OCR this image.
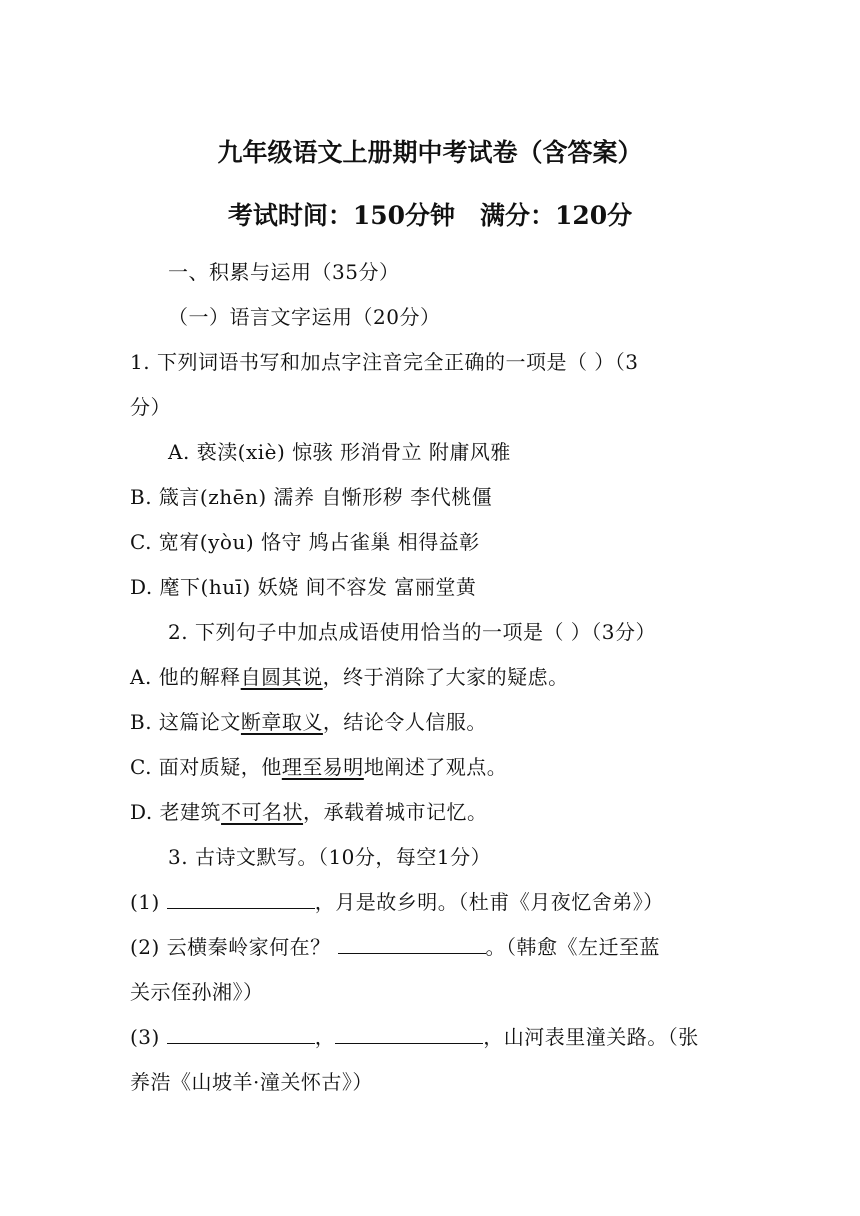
九年级语文上册期中考试卷（含答案）
考试时间：150分钟　满分：120分
一、积累与运用（35分）
（一）语言文字运用（20分）
1. 下列词语书写和加点字注音完全正确的一项是（ ）（3
分）
A. 亵渎(xiè) 惊骇 形消骨立 附庸风雅
B. 箴言(zhēn) 濡养 自惭形秽 李代桃僵
C. 宽宥(yòu) 恪守 鸠占雀巢 相得益彰
D. 麾下(huī) 妖娆 间不容发 富丽堂黄
2. 下列句子中加点成语使用恰当的一项是（ ）（3分）
A. 他的解释自圆其说，终于消除了大家的疑虑。
B. 这篇论文断章取义，结论令人信服。
C. 面对质疑，他理至易明地阐述了观点。
D. 老建筑不可名状，承载着城市记忆。
3. 古诗文默写。（10分，每空1分）
(1)	，月是故乡明。（杜甫《月夜忆舍弟》）
(2) 云横秦岭家何在？	。（韩愈《左迁至蓝
关示侄孙湘》）
(3)	，	，山河表里潼关路。（张
养浩《山坡羊·潼关怀古》）
